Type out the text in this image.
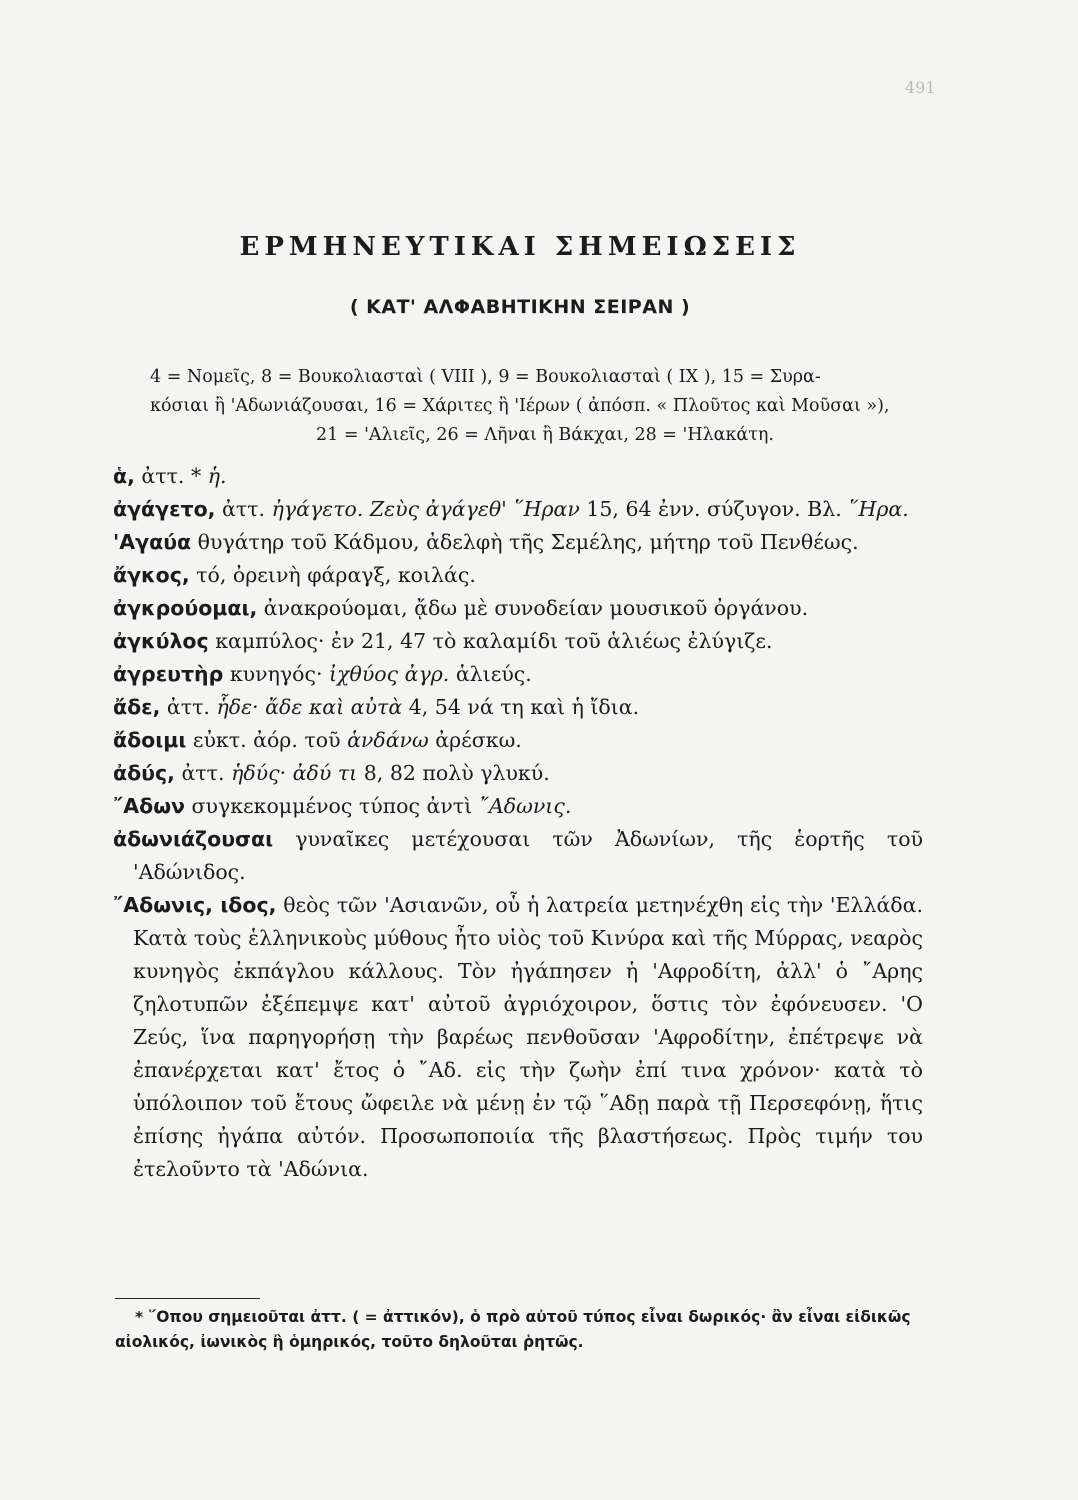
491
ΕΡΜΗΝΕΥΤΙΚΑΙ ΣΗΜΕΙΩΣΕΙΣ
( ΚΑΤ' ΑΛΦΑΒΗΤΙΚΗΝ ΣΕΙΡΑΝ )
4 = Νομεῖς, 8 = Βουκολιασταὶ ( VIII ), 9 = Βουκολιασταὶ ( IX ), 15 = Συρα-
κόσιαι ἢ 'Αδωνιάζουσαι, 16 = Χάριτες ἢ 'Ιέρων ( ἀπόσπ. « Πλοῦτος καὶ Μοῦσαι »),
21 = 'Αλιεῖς, 26 = Λῆναι ἢ Βάκχαι, 28 = 'Ηλακάτη.
ἁ, ἀττ. * ἡ.
ἀγάγετο, ἀττ. ἠγάγετο. Ζεὺς ἀγάγεθ' ῞Ηραν 15, 64 ἐνν. σύζυγον. Βλ. ῞Ηρα.
'Αγαύα θυγάτηρ τοῦ Κάδμου, ἀδελφὴ τῆς Σεμέλης, μήτηρ τοῦ Πενθέως.
ἄγκος, τό, ὀρεινὴ φάραγξ, κοιλάς.
ἀγκρούομαι, ἀνακρούομαι, ᾄδω μὲ συνοδείαν μουσικοῦ ὀργάνου.
ἀγκύλος καμπύλος· ἐν 21, 47 τὸ καλαμίδι τοῦ ἁλιέως ἐλύγιζε.
ἀγρευτὴρ κυνηγός· ἰχθύος ἀγρ. ἁλιεύς.
ἄδε, ἀττ. ἧδε· ἄδε καὶ αὐτὰ 4, 54 νά τη καὶ ἡ ἴδια.
ἄδοιμι εὐκτ. ἀόρ. τοῦ ἁνδάνω ἀρέσκω.
ἀδύς, ἀττ. ἡδύς· ἀδύ τι 8, 82 πολὺ γλυκύ.
῎Αδων συγκεκομμένος τύπος ἀντὶ ῎Αδωνις.
ἀδωνιάζουσαι γυναῖκες μετέχουσαι τῶν Ἀδωνίων, τῆς ἑορτῆς τοῦ 'Αδώνιδος.
῎Αδωνις, ιδος, θεὸς τῶν 'Ασιανῶν, οὗ ἡ λατρεία μετηνέχθη εἰς τὴν 'Ελλάδα. Κατὰ τοὺς ἑλληνικοὺς μύθους ἦτο υἱὸς τοῦ Κινύρα καὶ τῆς Μύρρας, νεαρὸς κυνηγὸς ἐκπάγλου κάλλους. Τὸν ἠγάπησεν ἡ 'Αφροδίτη, ἀλλ' ὁ ῎Αρης ζηλοτυπῶν ἐξέπεμψε κατ' αὐτοῦ ἀγριόχοιρον, ὅστις τὸν ἐφόνευσεν. 'Ο Ζεύς, ἵνα παρηγορήσῃ τὴν βαρέως πενθοῦσαν 'Αφροδίτην, ἐπέτρεψε νὰ ἐπανέρχεται κατ' ἔτος ὁ ῎Αδ. εἰς τὴν ζωὴν ἐπί τινα χρόνον· κατὰ τὸ ὑπόλοιπον τοῦ ἔτους ὤφειλε νὰ μένῃ ἐν τῷ ῞Αδῃ παρὰ τῇ Περσεφόνῃ, ἥτις ἐπίσης ἠγάπα αὐτόν. Προσωποποιία τῆς βλαστήσεως. Πρὸς τιμήν του ἐτελοῦντο τὰ 'Αδώνια.

* ῞Οπου σημειοῦται ἀττ. ( = ἀττικόν), ὁ πρὸ αὐτοῦ τύπος εἶναι δωρικός· ἂν εἶναι εἰδικῶς αἰολικός, ἰωνικὸς ἢ ὁμηρικός, τοῦτο δηλοῦται ῥητῶς.
